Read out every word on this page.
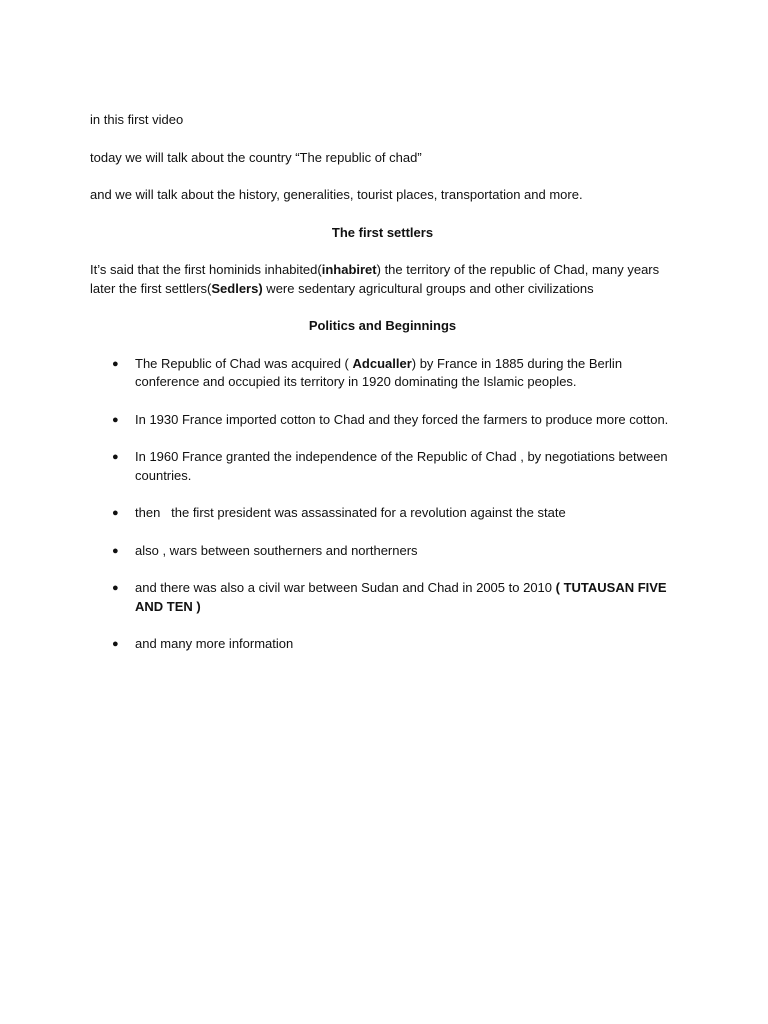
in this first video

today we will talk about the country “The republic of chad”

and we will talk about the history, generalities, tourist places, transportation and more.

The first settlers

It’s said that the first hominids inhabited(inhabiret) the territory of the republic of Chad, many years later the first settlers(Sedlers) were sedentary agricultural groups and other civilizations

Politics and Beginnings

● The Republic of Chad was acquired ( Adcualler) by France in 1885 during the Berlin conference and occupied its territory in 1920 dominating the Islamic peoples.
● In 1930 France imported cotton to Chad and they forced the farmers to produce more cotton.
● In 1960 France granted the independence of the Republic of Chad , by negotiations between countries.
● then   the first president was assassinated for a revolution against the state
● also , wars between southerners and northerners
● and there was also a civil war between Sudan and Chad in 2005 to 2010 ( TUTAUSAN FIVE AND TEN )
● and many more information
